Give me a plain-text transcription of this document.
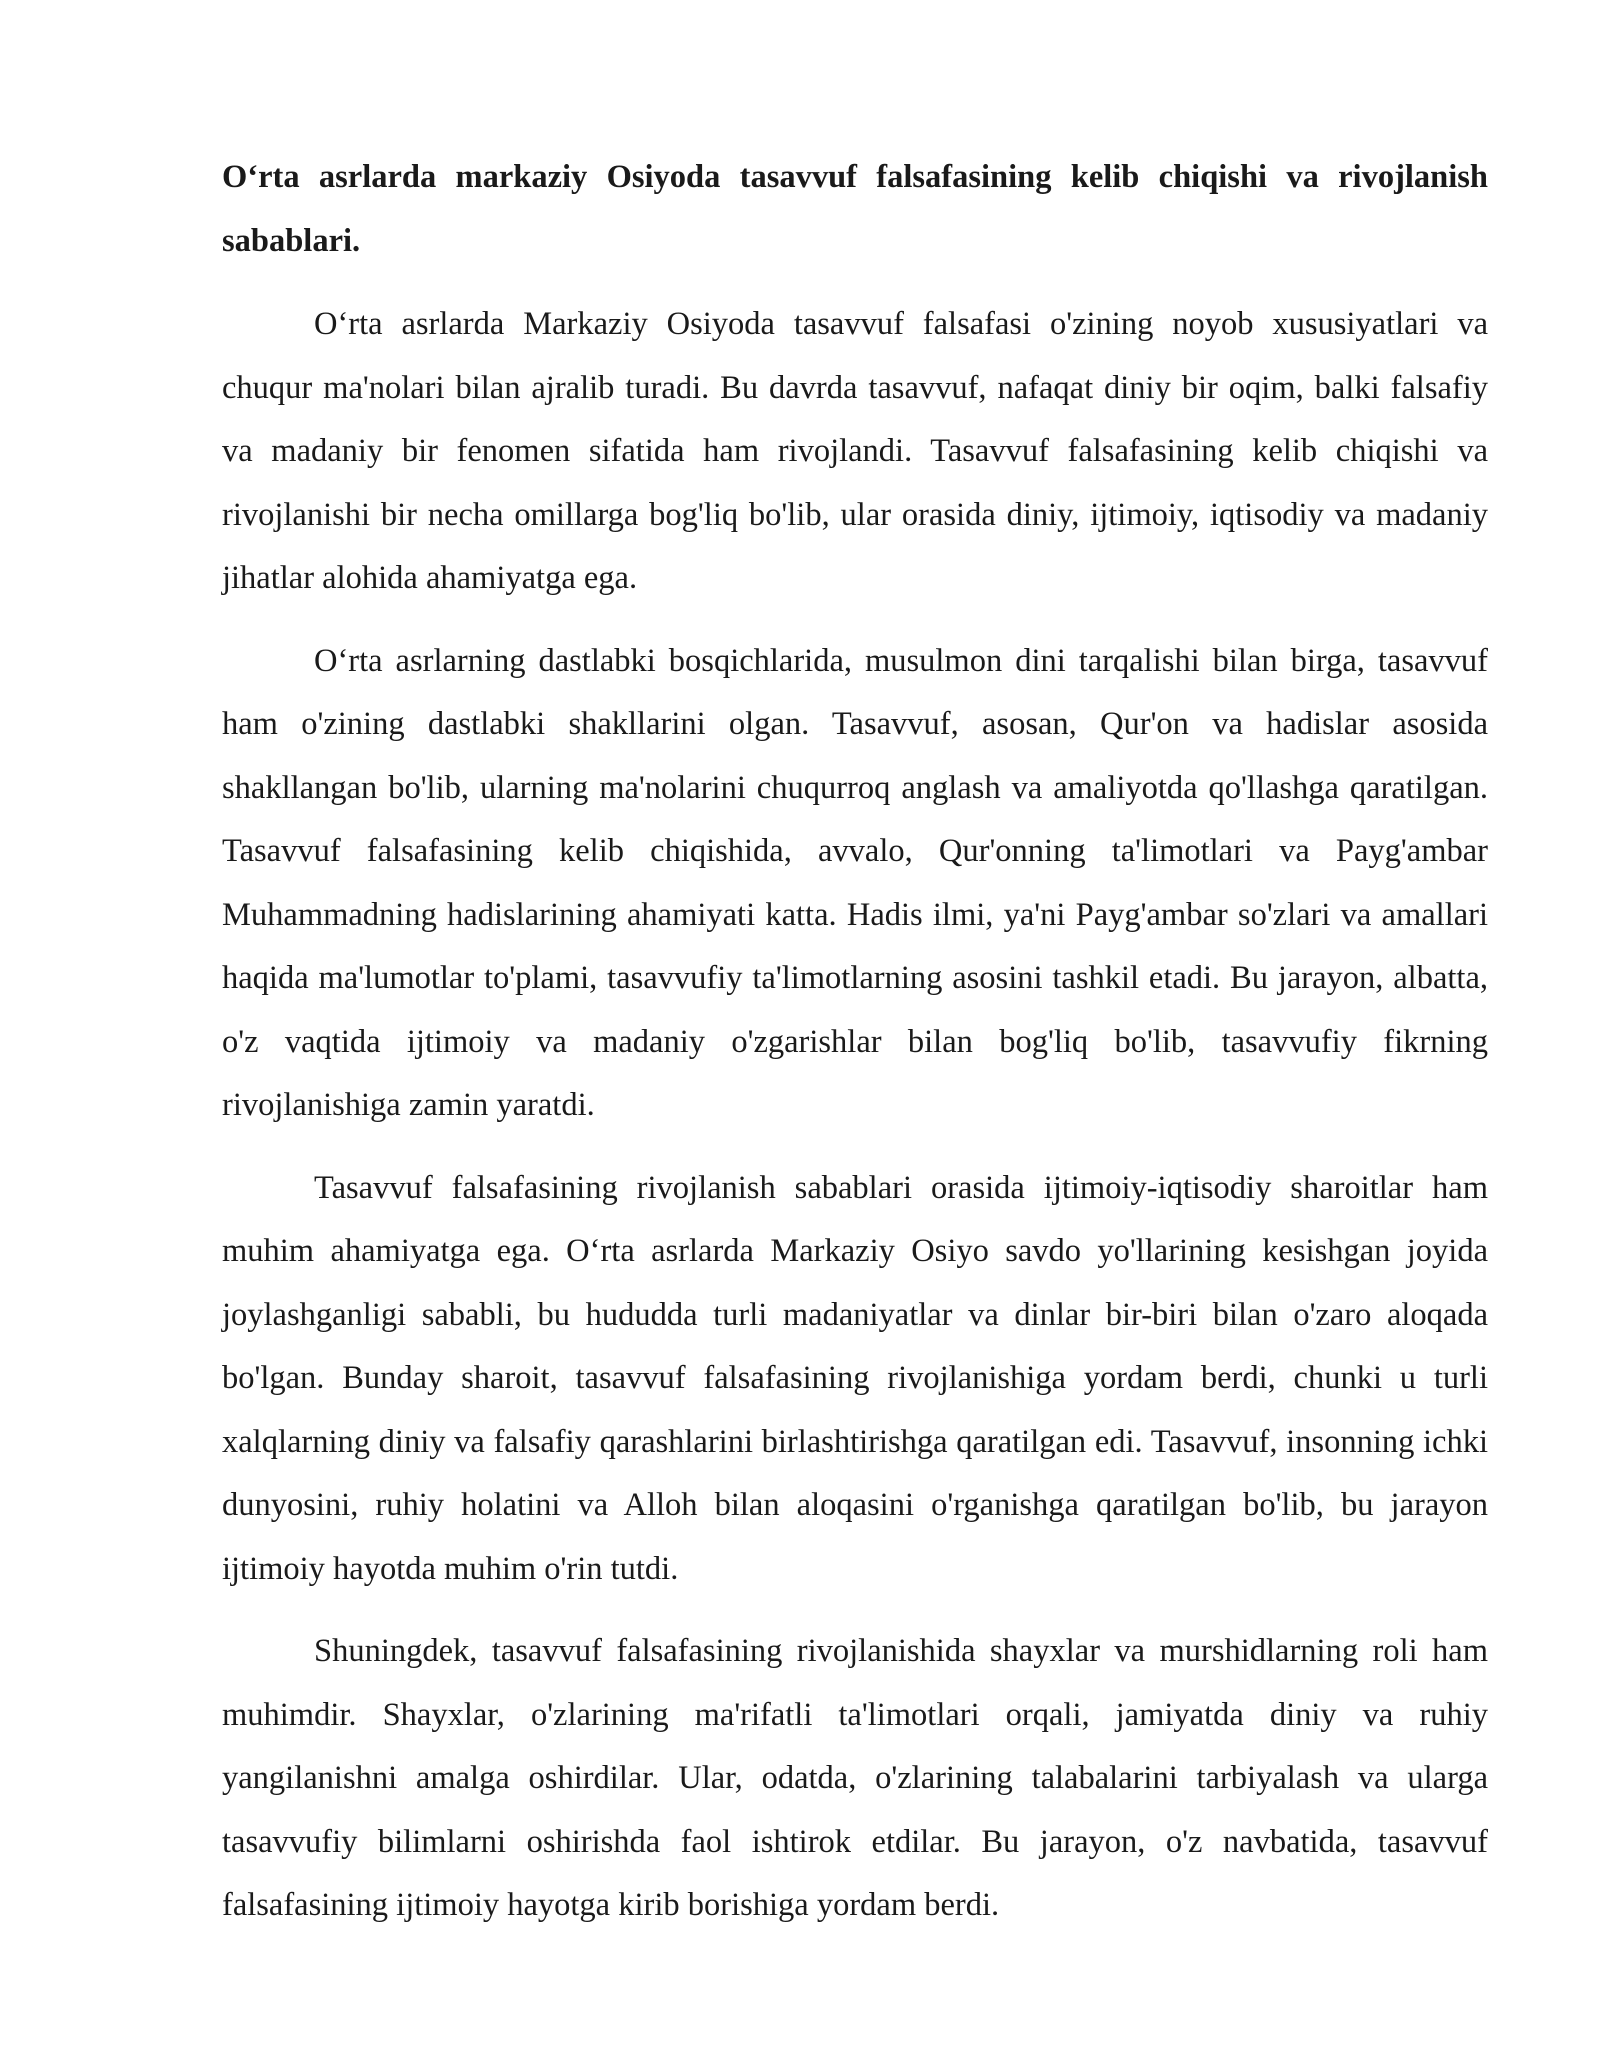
O‘rta asrlarda markaziy Osiyoda tasavvuf falsafasining kelib chiqishi va rivojlanish sabablari.

O‘rta asrlarda Markaziy Osiyoda tasavvuf falsafasi o'zining noyob xususiyatlari va chuqur ma'nolari bilan ajralib turadi. Bu davrda tasavvuf, nafaqat diniy bir oqim, balki falsafiy va madaniy bir fenomen sifatida ham rivojlandi. Tasavvuf falsafasining kelib chiqishi va rivojlanishi bir necha omillarga bog'liq bo'lib, ular orasida diniy, ijtimoiy, iqtisodiy va madaniy jihatlar alohida ahamiyatga ega.

O‘rta asrlarning dastlabki bosqichlarida, musulmon dini tarqalishi bilan birga, tasavvuf ham o'zining dastlabki shakllarini olgan. Tasavvuf, asosan, Qur'on va hadislar asosida shakllangan bo'lib, ularning ma'nolarini chuqurroq anglash va amaliyotda qo'llashga qaratilgan. Tasavvuf falsafasining kelib chiqishida, avvalo, Qur'onning ta'limotlari va Payg'ambar Muhammadning hadislarining ahamiyati katta. Hadis ilmi, ya'ni Payg'ambar so'zlari va amallari haqida ma'lumotlar to'plami, tasavvufiy ta'limotlarning asosini tashkil etadi. Bu jarayon, albatta, o'z vaqtida ijtimoiy va madaniy o'zgarishlar bilan bog'liq bo'lib, tasavvufiy fikrning rivojlanishiga zamin yaratdi.

Tasavvuf falsafasining rivojlanish sabablari orasida ijtimoiy-iqtisodiy sharoitlar ham muhim ahamiyatga ega. O‘rta asrlarda Markaziy Osiyo savdo yo'llarining kesishgan joyida joylashganligi sababli, bu hududda turli madaniyatlar va dinlar bir-biri bilan o'zaro aloqada bo'lgan. Bunday sharoit, tasavvuf falsafasining rivojlanishiga yordam berdi, chunki u turli xalqlarning diniy va falsafiy qarashlarini birlashtirishga qaratilgan edi. Tasavvuf, insonning ichki dunyosini, ruhiy holatini va Alloh bilan aloqasini o'rganishga qaratilgan bo'lib, bu jarayon ijtimoiy hayotda muhim o'rin tutdi.

Shuningdek, tasavvuf falsafasining rivojlanishida shayxlar va murshidlarning roli ham muhimdir. Shayxlar, o'zlarining ma'rifatli ta'limotlari orqali, jamiyatda diniy va ruhiy yangilanishni amalga oshirdilar. Ular, odatda, o'zlarining talabalarini tarbiyalash va ularga tasavvufiy bilimlarni oshirishda faol ishtirok etdilar. Bu jarayon, o'z navbatida, tasavvuf falsafasining ijtimoiy hayotga kirib borishiga yordam berdi.
